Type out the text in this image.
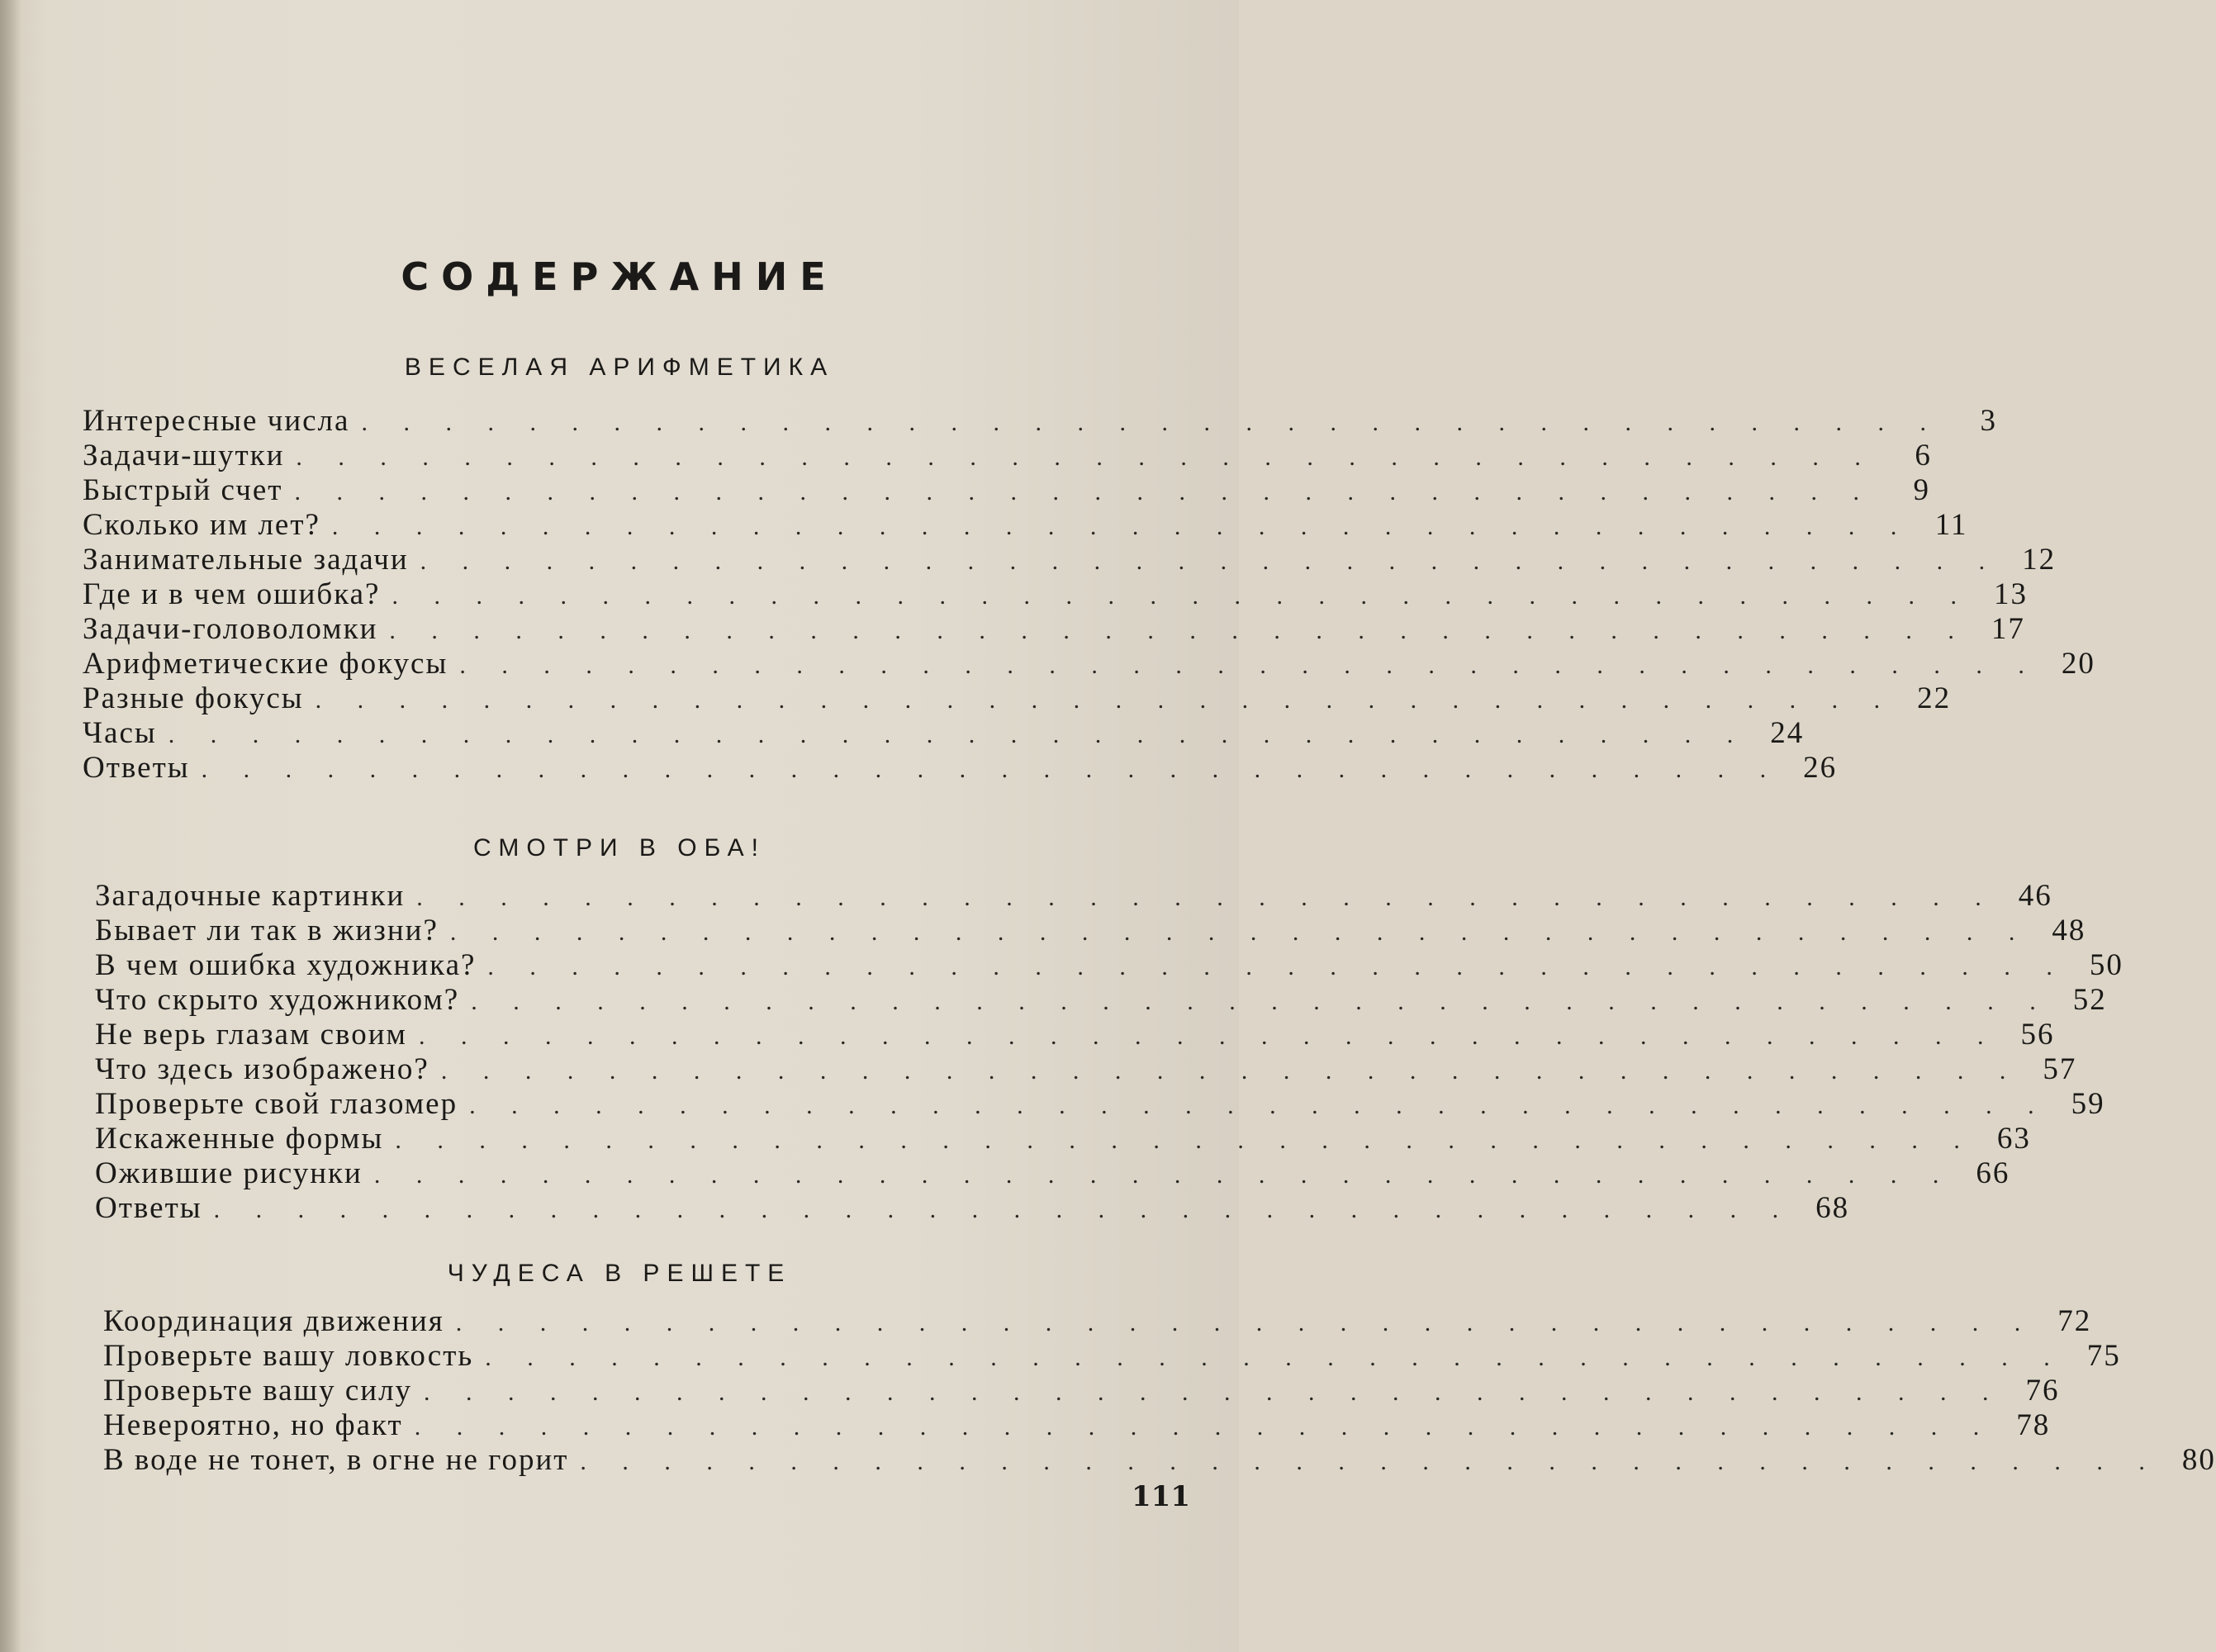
СОДЕРЖАНИЕ
ВЕСЕЛАЯ АРИФМЕТИКА
Интересные числа . . . . . . . . . . . . . . . . . . . . . . . . . . . . . . . . . . . . . .	3
Задачи-шутки . . . . . . . . . . . . . . . . . . . . . . . . . . . . . . . . . . . . . .	6
Быстрый счет . . . . . . . . . . . . . . . . . . . . . . . . . . . . . . . . . . . . . .	9
Сколько им лет? . . . . . . . . . . . . . . . . . . . . . . . . . . . . . . . . . . . . . . 11
Занимательные задачи . . . . . . . . . . . . . . . . . . . . . . . . . . . . . . . . . . . . . . 12
Где и в чем ошибка? . . . . . . . . . . . . . . . . . . . . . . . . . . . . . . . . . . . . . . 13
Задачи-головоломки . . . . . . . . . . . . . . . . . . . . . . . . . . . . . . . . . . . . . . 17
Арифметические фокусы . . . . . . . . . . . . . . . . . . . . . . . . . . . . . . . . . . . . . . 20
Разные фокусы . . . . . . . . . . . . . . . . . . . . . . . . . . . . . . . . . . . . . . 22
Часы . . . . . . . . . . . . . . . . . . . . . . . . . . . . . . . . . . . . . . 24
Ответы . . . . . . . . . . . . . . . . . . . . . . . . . . . . . . . . . . . . . . 26
СМОТРИ В ОБА!
Загадочные картинки . . . . . . . . . . . . . . . . . . . . . . . . . . . . . . . . . . . . . . 46
Бывает ли так в жизни? . . . . . . . . . . . . . . . . . . . . . . . . . . . . . . . . . . . . . . 48
В чем ошибка художника? . . . . . . . . . . . . . . . . . . . . . . . . . . . . . . . . . . . . . . 50
Что скрыто художником? . . . . . . . . . . . . . . . . . . . . . . . . . . . . . . . . . . . . . . 52
Не верь глазам своим . . . . . . . . . . . . . . . . . . . . . . . . . . . . . . . . . . . . . . 56
Что здесь изображено? . . . . . . . . . . . . . . . . . . . . . . . . . . . . . . . . . . . . . . 57
Проверьте свой глазомер . . . . . . . . . . . . . . . . . . . . . . . . . . . . . . . . . . . . . . 59
Искаженные формы . . . . . . . . . . . . . . . . . . . . . . . . . . . . . . . . . . . . . . 63
Ожившие рисунки . . . . . . . . . . . . . . . . . . . . . . . . . . . . . . . . . . . . . . 66
Ответы . . . . . . . . . . . . . . . . . . . . . . . . . . . . . . . . . . . . . . 68
ЧУДЕСА В РЕШЕТЕ
Координация движения . . . . . . . . . . . . . . . . . . . . . . . . . . . . . . . . . . . . . . 72
Проверьте вашу ловкость . . . . . . . . . . . . . . . . . . . . . . . . . . . . . . . . . . . . . . 75
Проверьте вашу силу . . . . . . . . . . . . . . . . . . . . . . . . . . . . . . . . . . . . . . 76
Невероятно, но факт . . . . . . . . . . . . . . . . . . . . . . . . . . . . . . . . . . . . . . 78
В воде не тонет, в огне не горит . . . . . . . . . . . . . . . . . . . . . . . . . . . . . . . . . . . . . . 80
111
